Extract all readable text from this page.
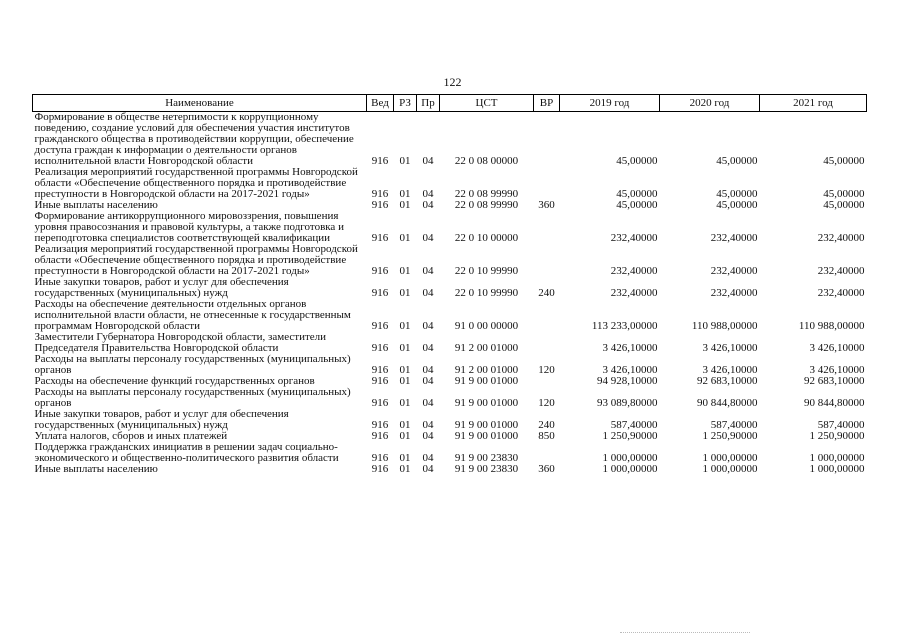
122
Наименование	Вед	РЗ	Пр	ЦСТ	ВР	2019 год	2020 год	2021 год
Формирование в обществе нетерпимости к коррупционному поведению, создание условий для обеспечения участия институтов гражданского общества в противодействии коррупции, обеспечение доступа граждан к информации о деятельности органов исполнительной власти Новгородской области	916	01	04	22 0 08 00000		45,00000	45,00000	45,00000
Реализация мероприятий государственной программы Новгородской области «Обеспечение общественного порядка и противодействие преступности в Новгородской области на 2017-2021 годы»	916	01	04	22 0 08 99990		45,00000	45,00000	45,00000
Иные выплаты населению	916	01	04	22 0 08 99990	360	45,00000	45,00000	45,00000
Формирование антикоррупционного мировоззрения, повышения уровня правосознания и правовой культуры, а также подготовка и переподготовка специалистов соответствующей квалификации	916	01	04	22 0 10 00000		232,40000	232,40000	232,40000
Реализация мероприятий государственной программы Новгородской области «Обеспечение общественного порядка и противодействие преступности в Новгородской области на 2017-2021 годы»	916	01	04	22 0 10 99990		232,40000	232,40000	232,40000
Иные закупки товаров, работ и услуг для обеспечения государственных (муниципальных) нужд	916	01	04	22 0 10 99990	240	232,40000	232,40000	232,40000
Расходы на обеспечение деятельности отдельных органов исполнительной власти области, не отнесенные к государственным программам Новгородской области	916	01	04	91 0 00 00000		113 233,00000	110 988,00000	110 988,00000
Заместители Губернатора Новгородской области, заместители Председателя Правительства Новгородской области	916	01	04	91 2 00 01000		3 426,10000	3 426,10000	3 426,10000
Расходы на выплаты персоналу государственных (муниципальных) органов	916	01	04	91 2 00 01000	120	3 426,10000	3 426,10000	3 426,10000
Расходы на обеспечение функций государственных органов	916	01	04	91 9 00 01000		94 928,10000	92 683,10000	92 683,10000
Расходы на выплаты персоналу государственных (муниципальных) органов	916	01	04	91 9 00 01000	120	93 089,80000	90 844,80000	90 844,80000
Иные закупки товаров, работ и услуг для обеспечения государственных (муниципальных) нужд	916	01	04	91 9 00 01000	240	587,40000	587,40000	587,40000
Уплата налогов, сборов и иных платежей	916	01	04	91 9 00 01000	850	1 250,90000	1 250,90000	1 250,90000
Поддержка гражданских инициатив в решении задач социально-экономического и общественно-политического развития области	916	01	04	91 9 00 23830		1 000,00000	1 000,00000	1 000,00000
Иные выплаты населению	916	01	04	91 9 00 23830	360	1 000,00000	1 000,00000	1 000,00000
